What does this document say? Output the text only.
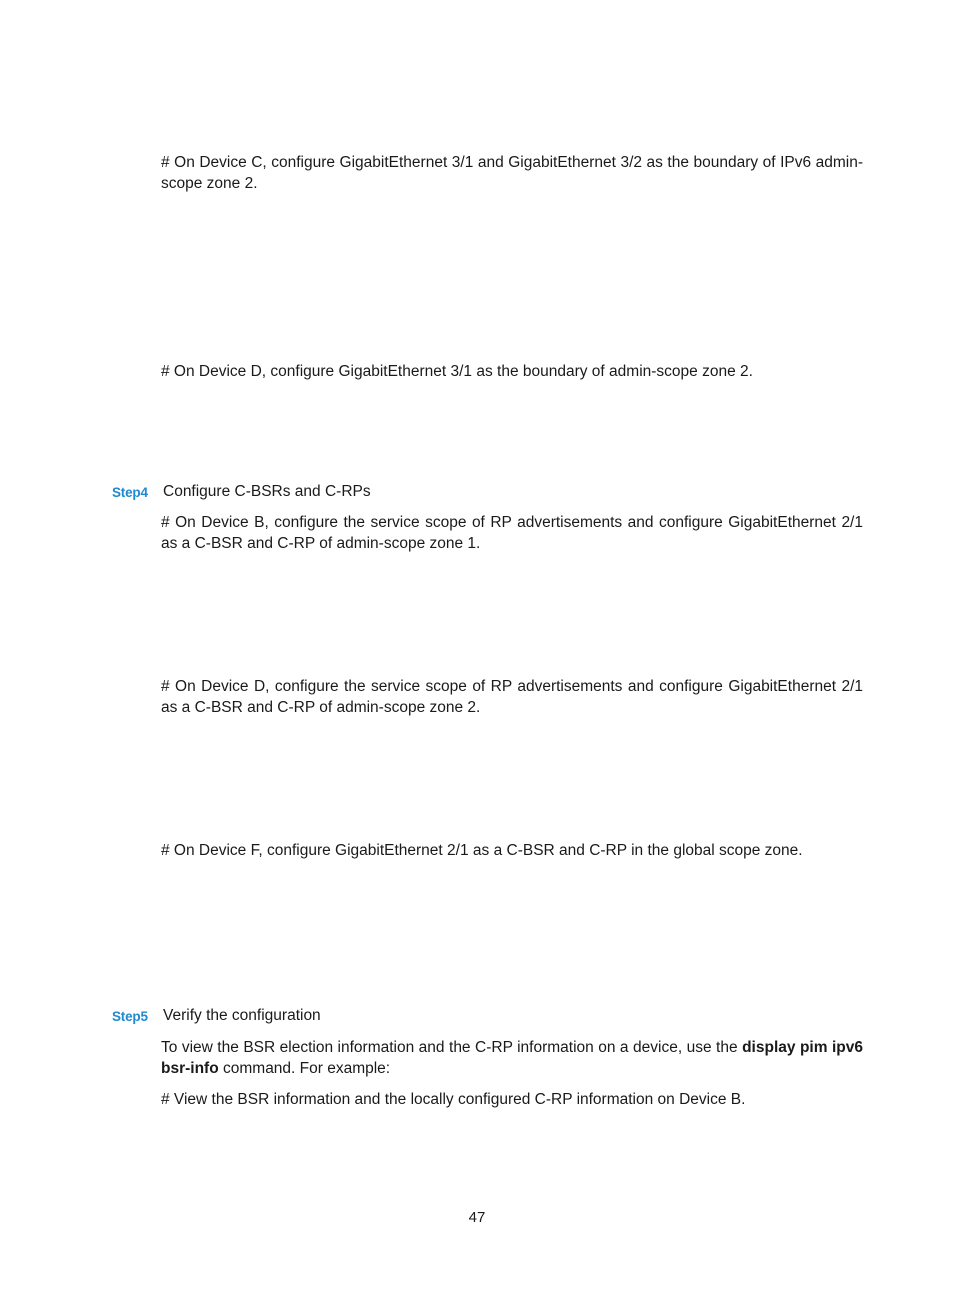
# On Device C, configure GigabitEthernet 3/1 and GigabitEthernet 3/2 as the boundary of IPv6 admin-scope zone 2.

# On Device D, configure GigabitEthernet 3/1 as the boundary of admin-scope zone 2.

Step4 Configure C-BSRs and C-RPs

# On Device B, configure the service scope of RP advertisements and configure GigabitEthernet 2/1 as a C-BSR and C-RP of admin-scope zone 1.

# On Device D, configure the service scope of RP advertisements and configure GigabitEthernet 2/1 as a C-BSR and C-RP of admin-scope zone 2.

# On Device F, configure GigabitEthernet 2/1 as a C-BSR and C-RP in the global scope zone.

Step5 Verify the configuration

To view the BSR election information and the C-RP information on a device, use the display pim ipv6 bsr-info command. For example:

# View the BSR information and the locally configured C-RP information on Device B.

47
